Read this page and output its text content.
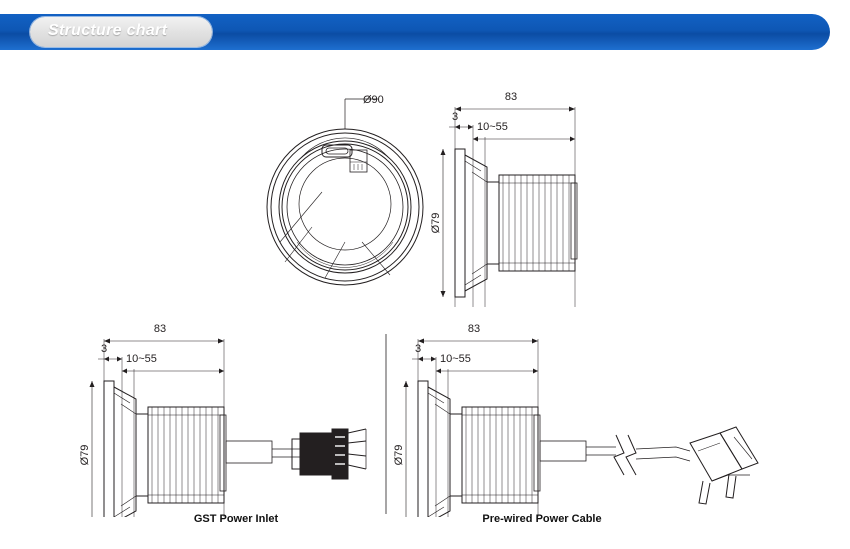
Structure chart
Ø90	83
3
10~55
Ø79
83
3
10~55
Ø79
83
3
10~55
Ø79
GST Power Inlet	Pre-wired Power Cable
